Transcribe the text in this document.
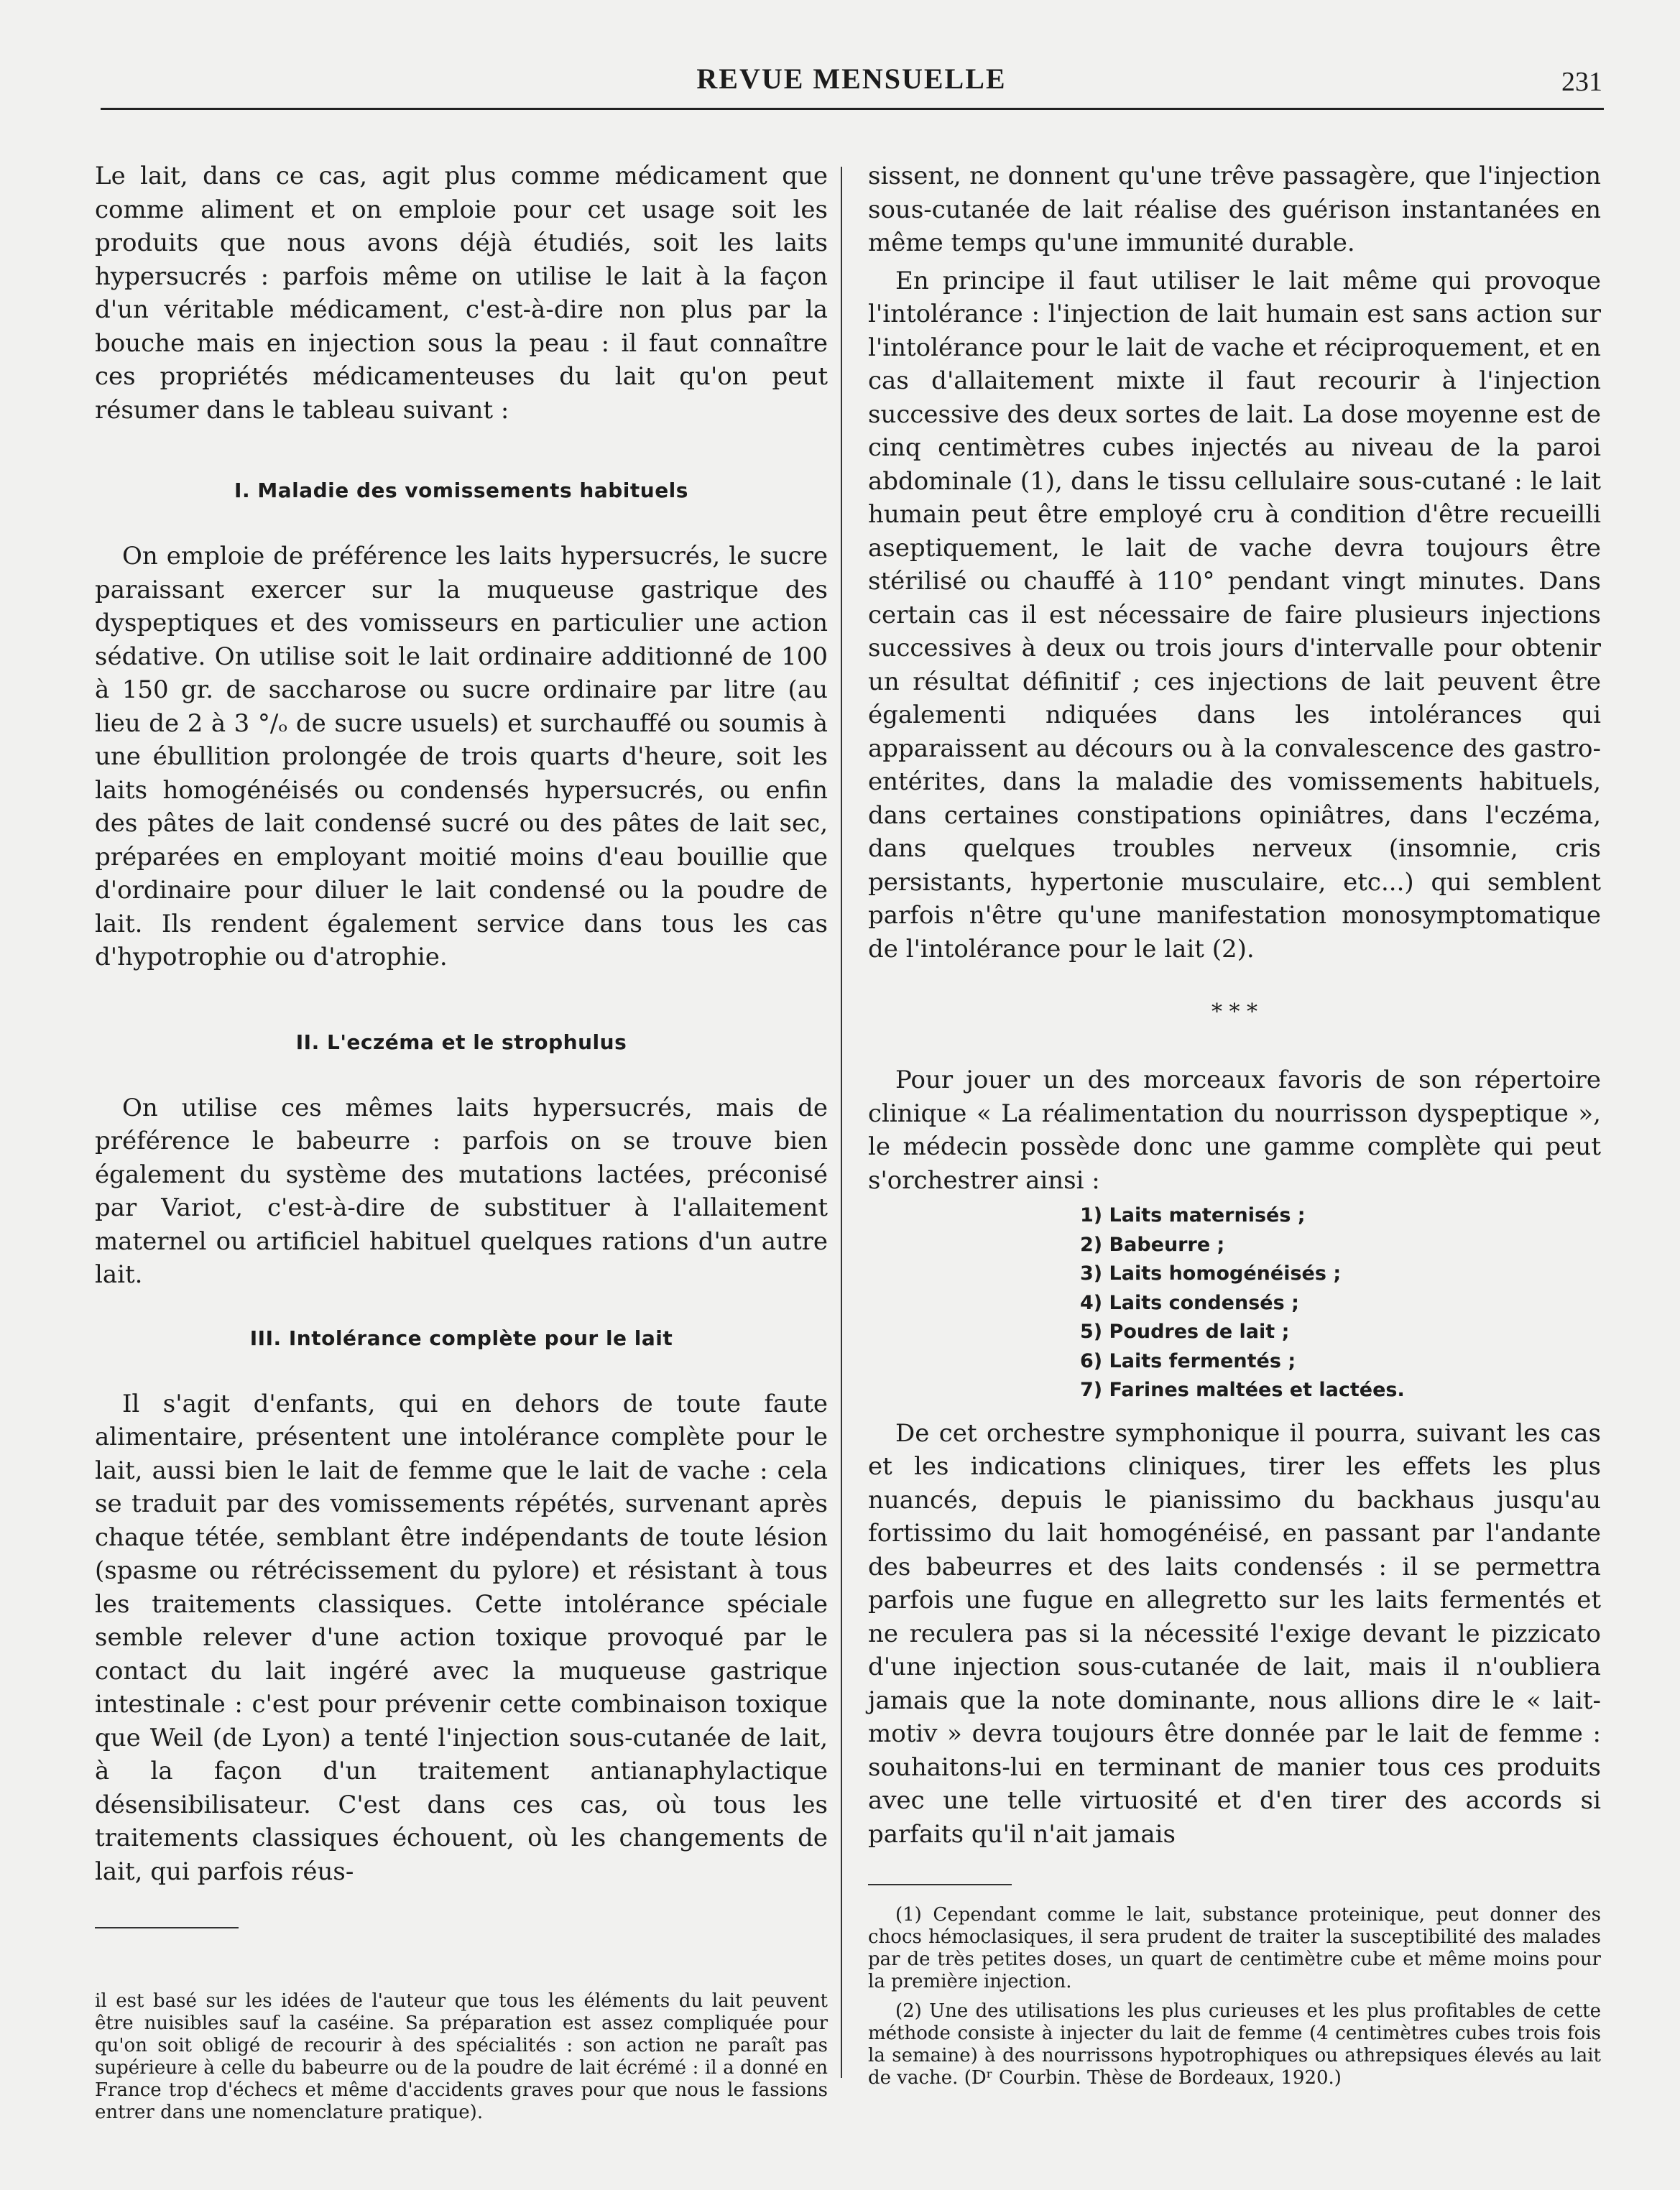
REVUE MENSUELLE	231

Le lait, dans ce cas, agit plus comme médicament que comme aliment et on emploie pour cet usage soit les produits que nous avons déjà étudiés, soit les laits hypersucrés : parfois même on utilise le lait à la façon d'un véritable médicament, c'est-à-dire non plus par la bouche mais en injection sous la peau : il faut connaître ces propriétés médicamenteuses du lait qu'on peut résumer dans le tableau suivant :

I. Maladie des vomissements habituels

On emploie de préférence les laits hypersucrés, le sucre paraissant exercer sur la muqueuse gastrique des dyspeptiques et des vomisseurs en particulier une action sédative. On utilise soit le lait ordinaire additionné de 100 à 150 gr. de saccharose ou sucre ordinaire par litre (au lieu de 2 à 3 °/ₒ de sucre usuels) et surchauffé ou soumis à une ébullition prolongée de trois quarts d'heure, soit les laits homogénéisés ou condensés hypersucrés, ou enfin des pâtes de lait condensé sucré ou des pâtes de lait sec, préparées en employant moitié moins d'eau bouillie que d'ordinaire pour diluer le lait condensé ou la poudre de lait. Ils rendent également service dans tous les cas d'hypotrophie ou d'atrophie.

II. L'eczéma et le strophulus

On utilise ces mêmes laits hypersucrés, mais de préférence le babeurre : parfois on se trouve bien également du système des mutations lactées, préconisé par Variot, c'est-à-dire de substituer à l'allaitement maternel ou artificiel habituel quelques rations d'un autre lait.

III. Intolérance complète pour le lait

Il s'agit d'enfants, qui en dehors de toute faute alimentaire, présentent une intolérance complète pour le lait, aussi bien le lait de femme que le lait de vache : cela se traduit par des vomissements répétés, survenant après chaque tétée, semblant être indépendants de toute lésion (spasme ou rétrécissement du pylore) et résistant à tous les traitements classiques. Cette intolérance spéciale semble relever d'une action toxique provoqué par le contact du lait ingéré avec la muqueuse gastrique intestinale : c'est pour prévenir cette combinaison toxique que Weil (de Lyon) a tenté l'injection sous-cutanée de lait, à la façon d'un traitement antianaphylactique désensibilisateur. C'est dans ces cas, où tous les traitements classiques échouent, où les changements de lait, qui parfois réus-

il est basé sur les idées de l'auteur que tous les éléments du lait peuvent être nuisibles sauf la caséine. Sa préparation est assez compliquée pour qu'on soit obligé de recourir à des spécialités : son action ne paraît pas supérieure à celle du babeurre ou de la poudre de lait écrémé : il a donné en France trop d'échecs et même d'accidents graves pour que nous le fassions entrer dans une nomenclature pratique).

sissent, ne donnent qu'une trêve passagère, que l'injection sous-cutanée de lait réalise des guérison instantanées en même temps qu'une immunité durable.

En principe il faut utiliser le lait même qui provoque l'intolérance : l'injection de lait humain est sans action sur l'intolérance pour le lait de vache et réciproquement, et en cas d'allaitement mixte il faut recourir à l'injection successive des deux sortes de lait. La dose moyenne est de cinq centimètres cubes injectés au niveau de la paroi abdominale (1), dans le tissu cellulaire sous-cutané : le lait humain peut être employé cru à condition d'être recueilli aseptiquement, le lait de vache devra toujours être stérilisé ou chauffé à 110° pendant vingt minutes. Dans certain cas il est nécessaire de faire plusieurs injections successives à deux ou trois jours d'intervalle pour obtenir un résultat définitif ; ces injections de lait peuvent être égalementi ndiquées dans les intolérances qui apparaissent au décours ou à la convalescence des gastro-entérites, dans la maladie des vomissements habituels, dans certaines constipations opiniâtres, dans l'eczéma, dans quelques troubles nerveux (insomnie, cris persistants, hypertonie musculaire, etc...) qui semblent parfois n'être qu'une manifestation monosymptomatique de l'intolérance pour le lait (2).

* * *

Pour jouer un des morceaux favoris de son répertoire clinique « La réalimentation du nourrisson dyspeptique », le médecin possède donc une gamme complète qui peut s'orchestrer ainsi :

1) Laits maternisés ;
2) Babeurre ;
3) Laits homogénéisés ;
4) Laits condensés ;
5) Poudres de lait ;
6) Laits fermentés ;
7) Farines maltées et lactées.

De cet orchestre symphonique il pourra, suivant les cas et les indications cliniques, tirer les effets les plus nuancés, depuis le pianissimo du backhaus jusqu'au fortissimo du lait homogénéisé, en passant par l'andante des babeurres et des laits condensés : il se permettra parfois une fugue en allegretto sur les laits fermentés et ne reculera pas si la nécessité l'exige devant le pizzicato d'une injection sous-cutanée de lait, mais il n'oubliera jamais que la note dominante, nous allions dire le « lait-motiv » devra toujours être donnée par le lait de femme : souhaitons-lui en terminant de manier tous ces produits avec une telle virtuosité et d'en tirer des accords si parfaits qu'il n'ait jamais

(1) Cependant comme le lait, substance proteinique, peut donner des chocs hémoclasiques, il sera prudent de traiter la susceptibilité des malades par de très petites doses, un quart de centimètre cube et même moins pour la première injection.

(2) Une des utilisations les plus curieuses et les plus profitables de cette méthode consiste à injecter du lait de femme (4 centimètres cubes trois fois la semaine) à des nourrissons hypotrophiques ou athrepsiques élevés au lait de vache. (Dʳ Courbin. Thèse de Bordeaux, 1920.)
